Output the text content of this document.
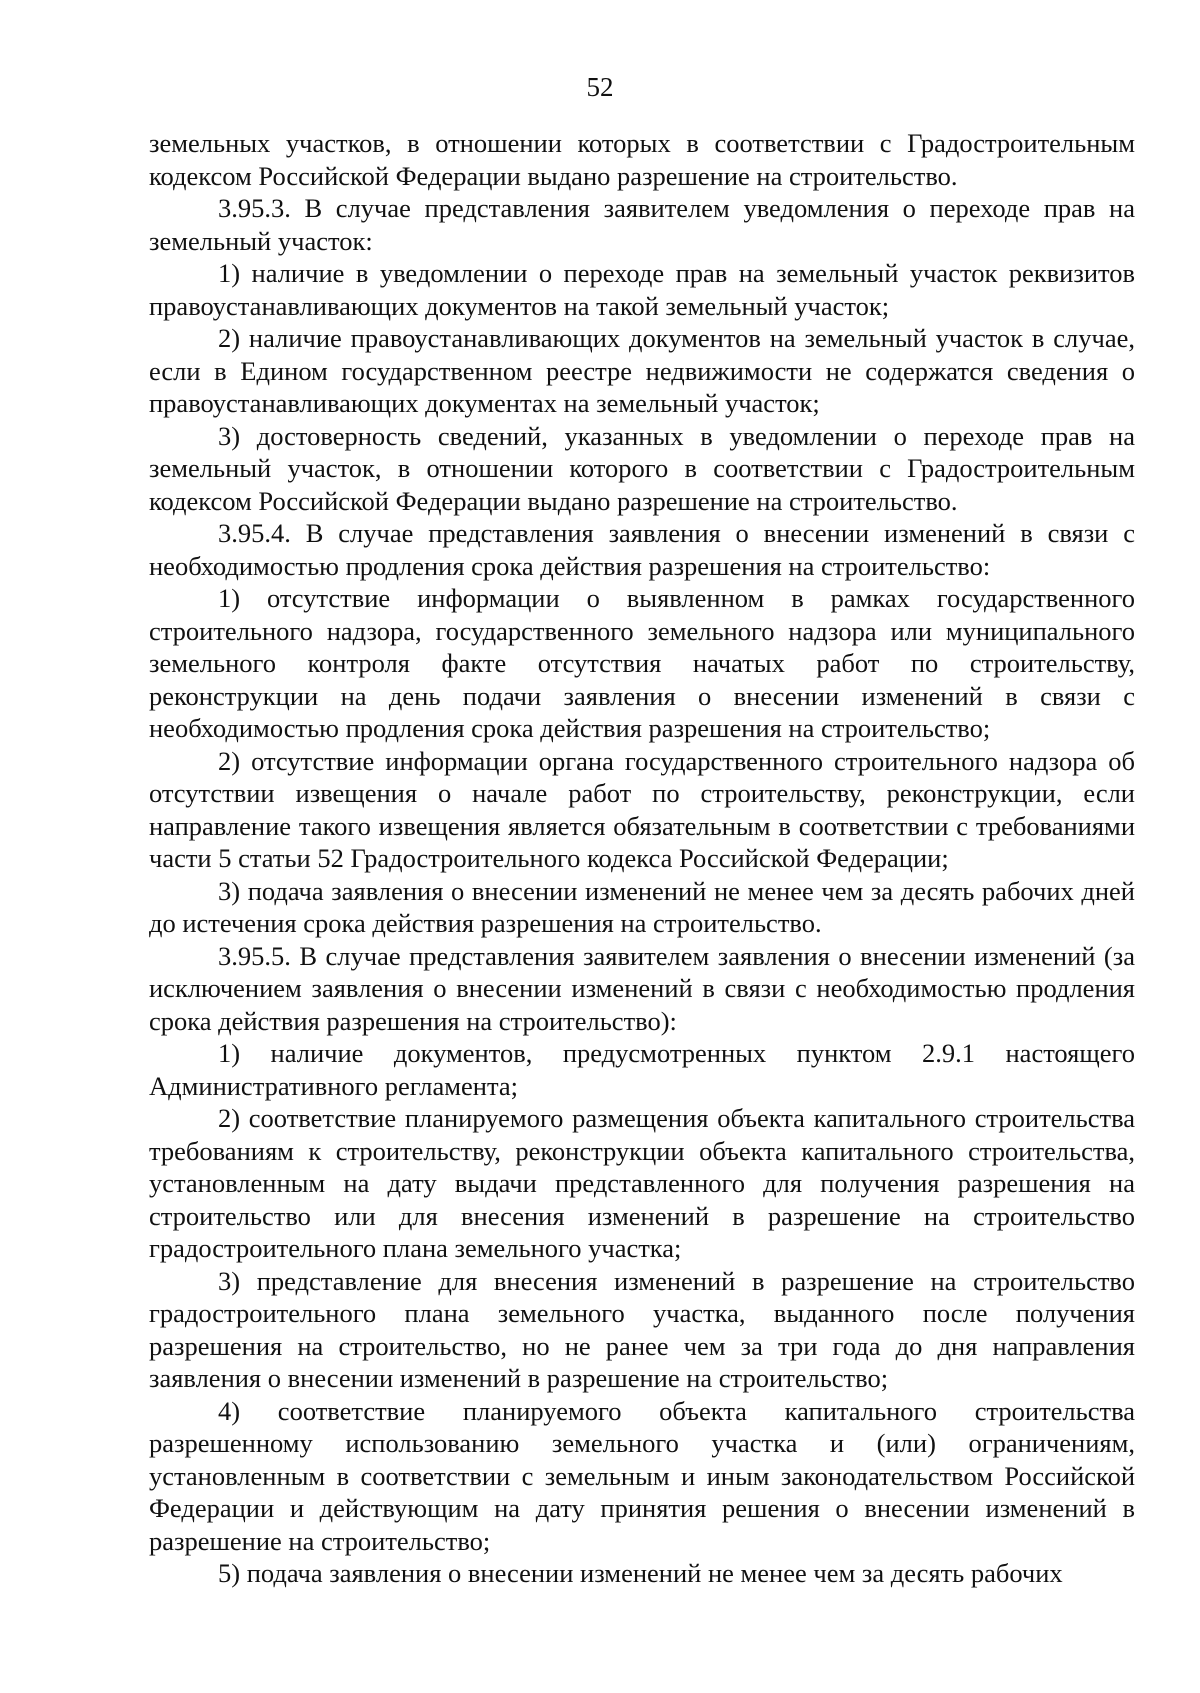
52

земельных участков, в отношении которых в соответствии с Градостроительным кодексом Российской Федерации выдано разрешение на строительство.

3.95.3. В случае представления заявителем уведомления о переходе прав на земельный участок:

1) наличие в уведомлении о переходе прав на земельный участок реквизитов правоустанавливающих документов на такой земельный участок;

2) наличие правоустанавливающих документов на земельный участок в случае, если в Едином государственном реестре недвижимости не содержатся сведения о правоустанавливающих документах на земельный участок;

3) достоверность сведений, указанных в уведомлении о переходе прав на земельный участок, в отношении которого в соответствии с Градостроительным кодексом Российской Федерации выдано разрешение на строительство.

3.95.4. В случае представления заявления о внесении изменений в связи с необходимостью продления срока действия разрешения на строительство:

1) отсутствие информации о выявленном в рамках государственного строительного надзора, государственного земельного надзора или муниципального земельного контроля факте отсутствия начатых работ по строительству, реконструкции на день подачи заявления о внесении изменений в связи с необходимостью продления срока действия разрешения на строительство;

2) отсутствие информации органа государственного строительного надзора об отсутствии извещения о начале работ по строительству, реконструкции, если направление такого извещения является обязательным в соответствии с требованиями части 5 статьи 52 Градостроительного кодекса Российской Федерации;

3) подача заявления о внесении изменений не менее чем за десять рабочих дней до истечения срока действия разрешения на строительство.

3.95.5. В случае представления заявителем заявления о внесении изменений (за исключением заявления о внесении изменений в связи с необходимостью продления срока действия разрешения на строительство):

1) наличие документов, предусмотренных пунктом 2.9.1 настоящего Административного регламента;

2) соответствие планируемого размещения объекта капитального строительства требованиям к строительству, реконструкции объекта капитального строительства, установленным на дату выдачи представленного для получения разрешения на строительство или для внесения изменений в разрешение на строительство градостроительного плана земельного участка;

3) представление для внесения изменений в разрешение на строительство градостроительного плана земельного участка, выданного после получения разрешения на строительство, но не ранее чем за три года до дня направления заявления о внесении изменений в разрешение на строительство;

4) соответствие планируемого объекта капитального строительства разрешенному использованию земельного участка и (или) ограничениям, установленным в соответствии с земельным и иным законодательством Российской Федерации и действующим на дату принятия решения о внесении изменений в разрешение на строительство;

5) подача заявления о внесении изменений не менее чем за десять рабочих
